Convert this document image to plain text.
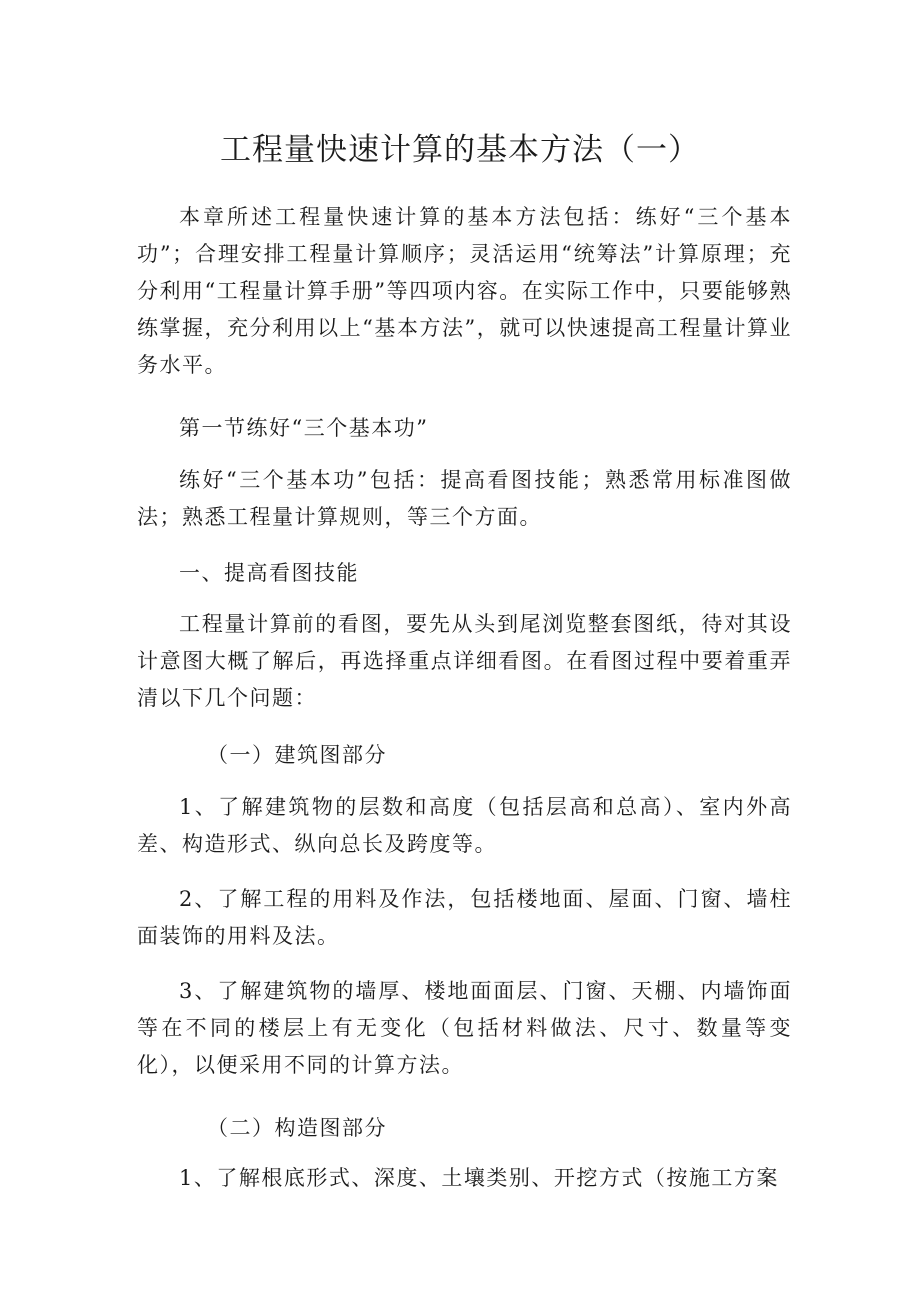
工程量快速计算的基本方法（一）

本章所述工程量快速计算的基本方法包括：练好“三个基本功”；合理安排工程量计算顺序；灵活运用“统筹法”计算原理；充分利用“工程量计算手册”等四项内容。在实际工作中，只要能够熟练掌握，充分利用以上“基本方法”，就可以快速提高工程量计算业务水平。

第一节练好“三个基本功”

练好“三个基本功”包括：提高看图技能；熟悉常用标准图做法；熟悉工程量计算规则，等三个方面。

一、提高看图技能

工程量计算前的看图，要先从头到尾浏览整套图纸，待对其设计意图大概了解后，再选择重点详细看图。在看图过程中要着重弄清以下几个问题：

（一）建筑图部分

1、了解建筑物的层数和高度（包括层高和总高）、室内外高差、构造形式、纵向总长及跨度等。

2、了解工程的用料及作法，包括楼地面、屋面、门窗、墙柱面装饰的用料及法。

3、了解建筑物的墙厚、楼地面面层、门窗、天棚、内墙饰面等在不同的楼层上有无变化（包括材料做法、尺寸、数量等变化），以便采用不同的计算方法。

（二）构造图部分

1、了解根底形式、深度、土壤类别、开挖方式（按施工方案
